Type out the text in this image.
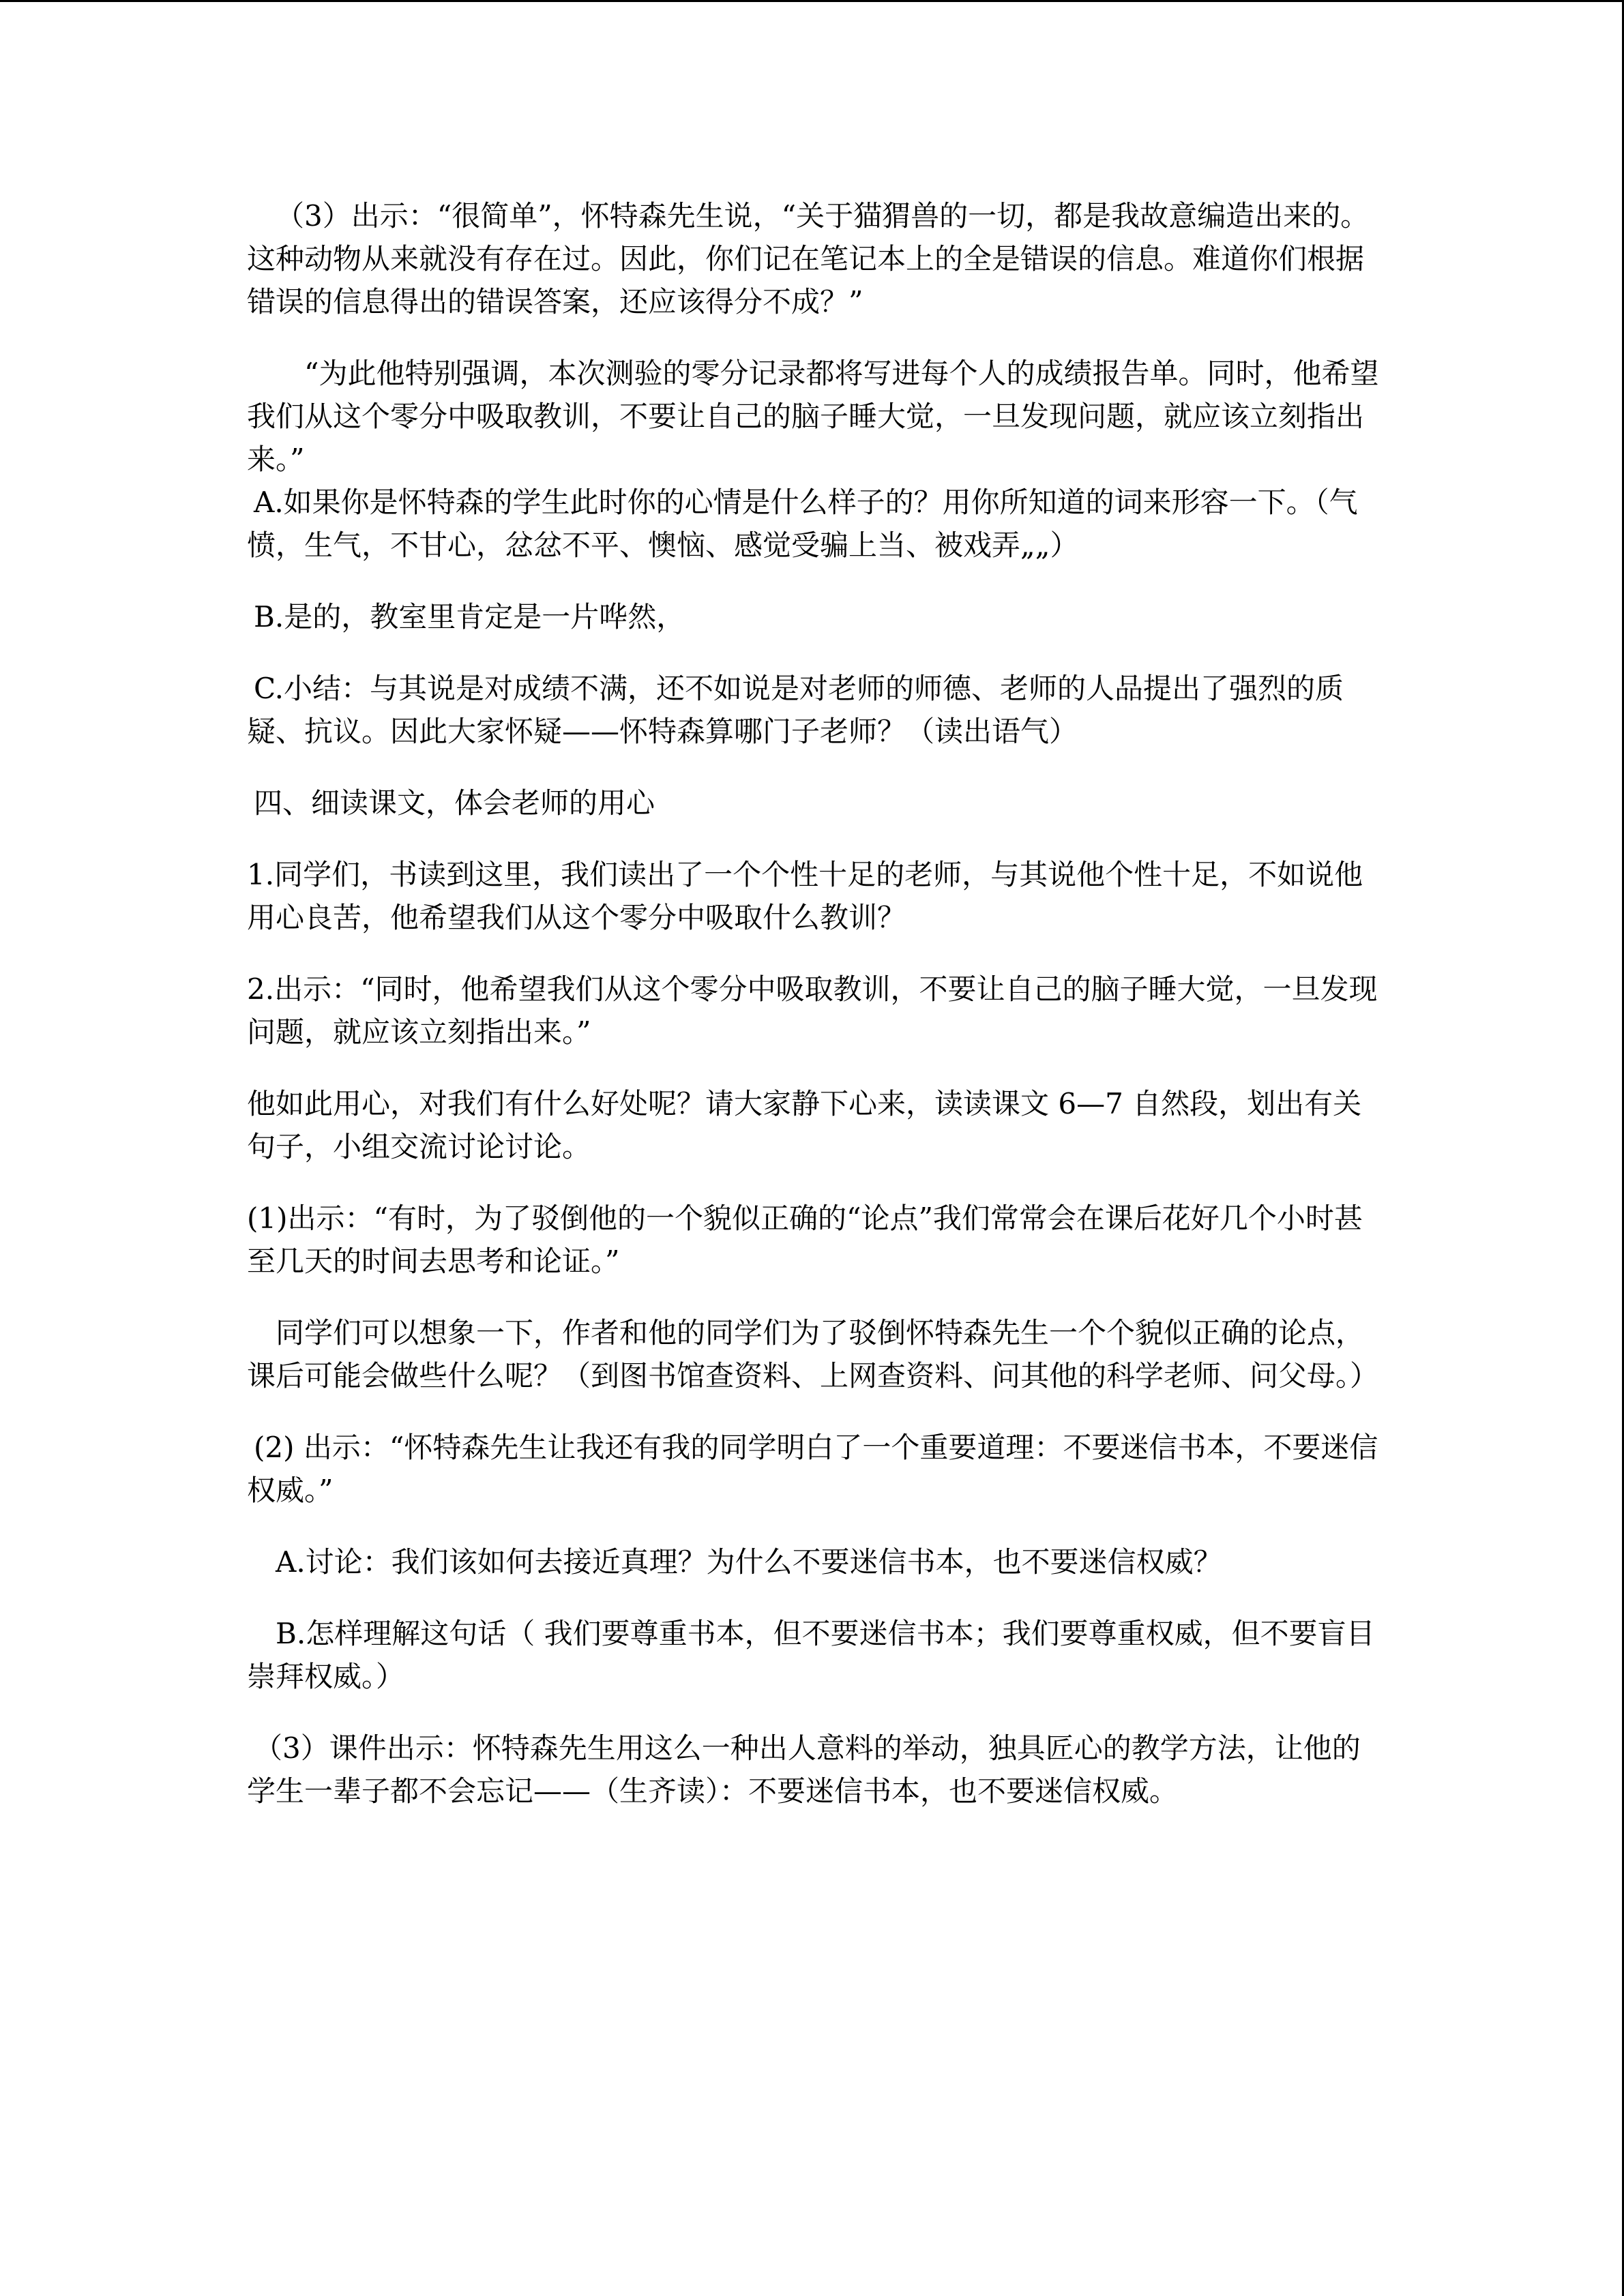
（3）出示：“很简单”，怀特森先生说，“关于猫猬兽的一切，都是我故意编造出来的。这种动物从来就没有存在过。因此，你们记在笔记本上的全是错误的信息。难道你们根据错误的信息得出的错误答案，还应该得分不成？”

“为此他特别强调，本次测验的零分记录都将写进每个人的成绩报告单。同时，他希望我们从这个零分中吸取教训，不要让自己的脑子睡大觉，一旦发现问题，就应该立刻指出来。”

A.如果你是怀特森的学生此时你的心情是什么样子的？用你所知道的词来形容一下。（气愤，生气，不甘心，忿忿不平、懊恼、感觉受骗上当、被戏弄„„）

B.是的，教室里肯定是一片哗然，

C.小结：与其说是对成绩不满，还不如说是对老师的师德、老师的人品提出了强烈的质疑、抗议。因此大家怀疑——怀特森算哪门子老师？（读出语气）

四、细读课文，体会老师的用心

1.同学们，书读到这里，我们读出了一个个性十足的老师，与其说他个性十足，不如说他用心良苦，他希望我们从这个零分中吸取什么教训？

2.出示：“同时，他希望我们从这个零分中吸取教训，不要让自己的脑子睡大觉，一旦发现问题，就应该立刻指出来。”

他如此用心，对我们有什么好处呢？请大家静下心来，读读课文 6—7 自然段，划出有关句子，小组交流讨论讨论。

(1)出示：“有时，为了驳倒他的一个貌似正确的“论点”我们常常会在课后花好几个小时甚至几天的时间去思考和论证。”

同学们可以想象一下，作者和他的同学们为了驳倒怀特森先生一个个貌似正确的论点，课后可能会做些什么呢？（到图书馆查资料、上网查资料、问其他的科学老师、问父母。）

(2) 出示：“怀特森先生让我还有我的同学明白了一个重要道理：不要迷信书本，不要迷信权威。”

A.讨论：我们该如何去接近真理？为什么不要迷信书本，也不要迷信权威？

B.怎样理解这句话（ 我们要尊重书本，但不要迷信书本；我们要尊重权威，但不要盲目崇拜权威。）

（3）课件出示：怀特森先生用这么一种出人意料的举动，独具匠心的教学方法，让他的学生一辈子都不会忘记——（生齐读）：不要迷信书本，也不要迷信权威。
